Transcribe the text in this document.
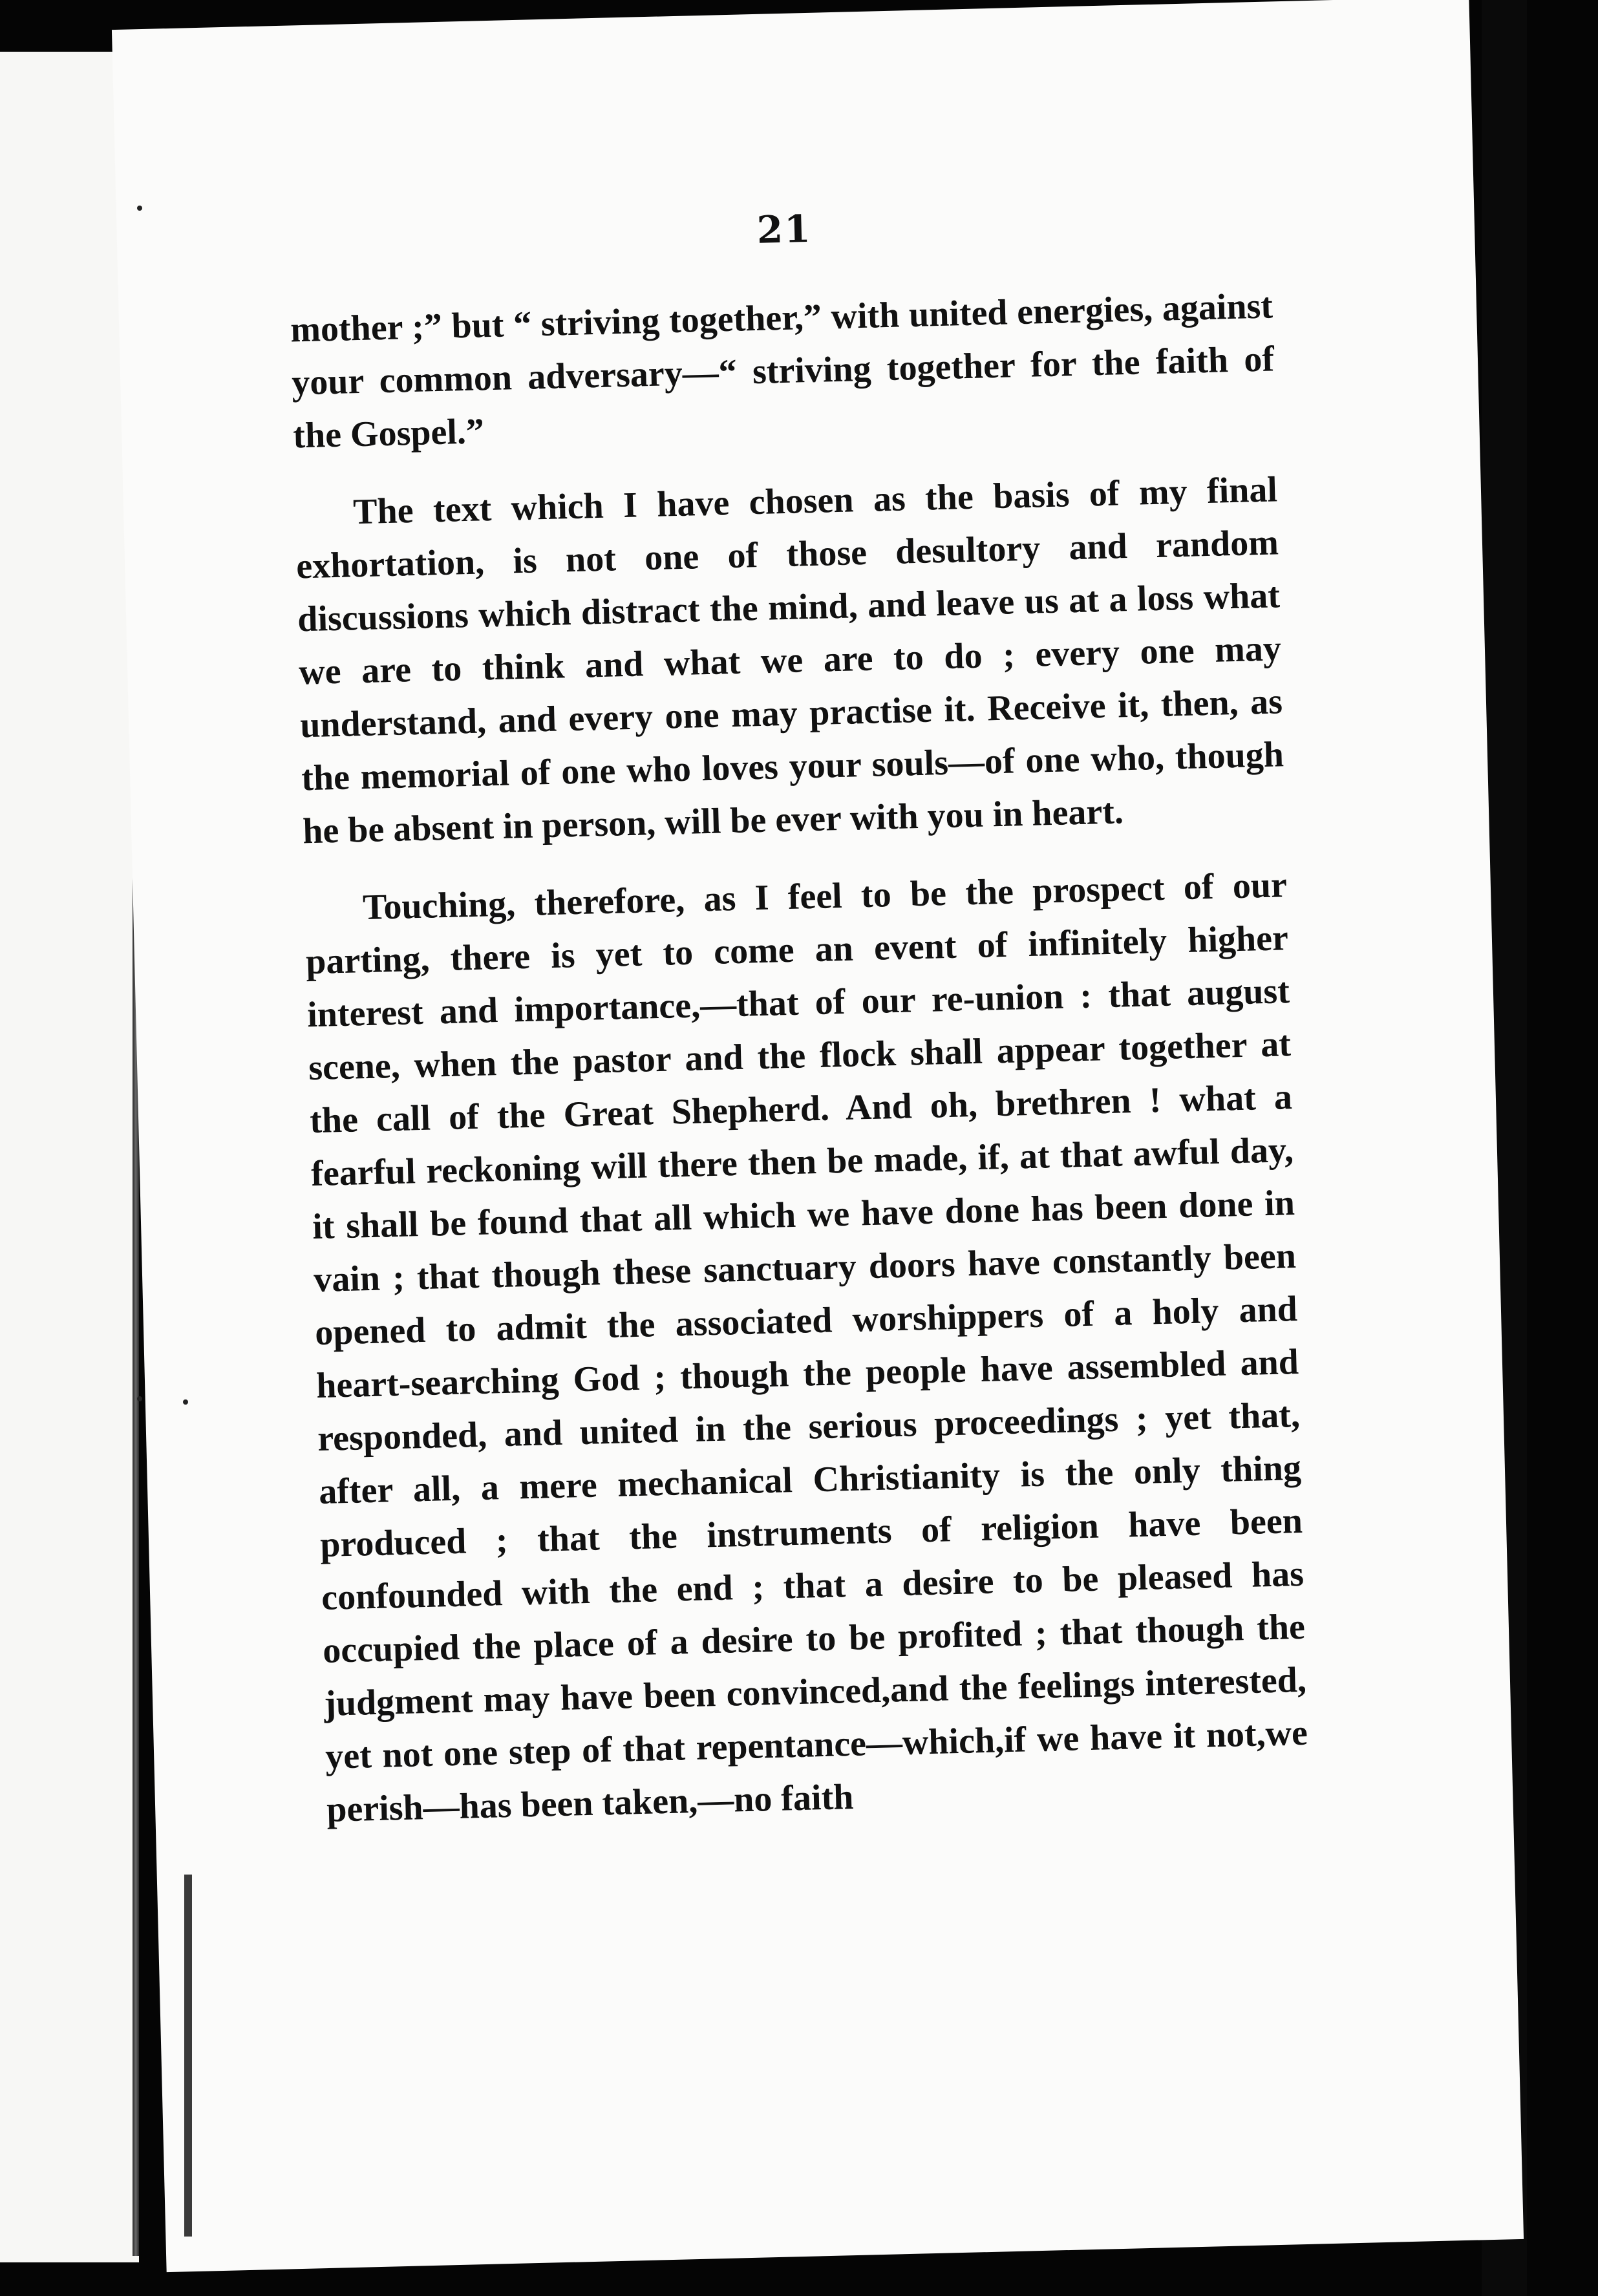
21

mother ;” but “ striving together,” with united energies, against your common adversary—“ striving together for the faith of the Gospel.”

The text which I have chosen as the basis of my final exhortation, is not one of those desultory and random discussions which distract the mind, and leave us at a loss what we are to think and what we are to do ; every one may understand, and every one may practise it. Receive it, then, as the memorial of one who loves your souls—of one who, though he be absent in person, will be ever with you in heart.

Touching, therefore, as I feel to be the prospect of our parting, there is yet to come an event of infinitely higher interest and importance,—that of our re-union : that august scene, when the pastor and the flock shall appear together at the call of the Great Shepherd. And oh, brethren ! what a fearful reckoning will there then be made, if, at that awful day, it shall be found that all which we have done has been done in vain ; that though these sanctuary doors have constantly been opened to admit the associated worshippers of a holy and heart-searching God ; though the people have assembled and responded, and united in the serious proceedings ; yet that, after all, a mere mechanical Christianity is the only thing produced ; that the instruments of religion have been confounded with the end ; that a desire to be pleased has occupied the place of a desire to be profited ; that though the judgment may have been convinced,and the feelings interested, yet not one step of that repentance—which,if we have it not,we perish—has been taken,—no faith
